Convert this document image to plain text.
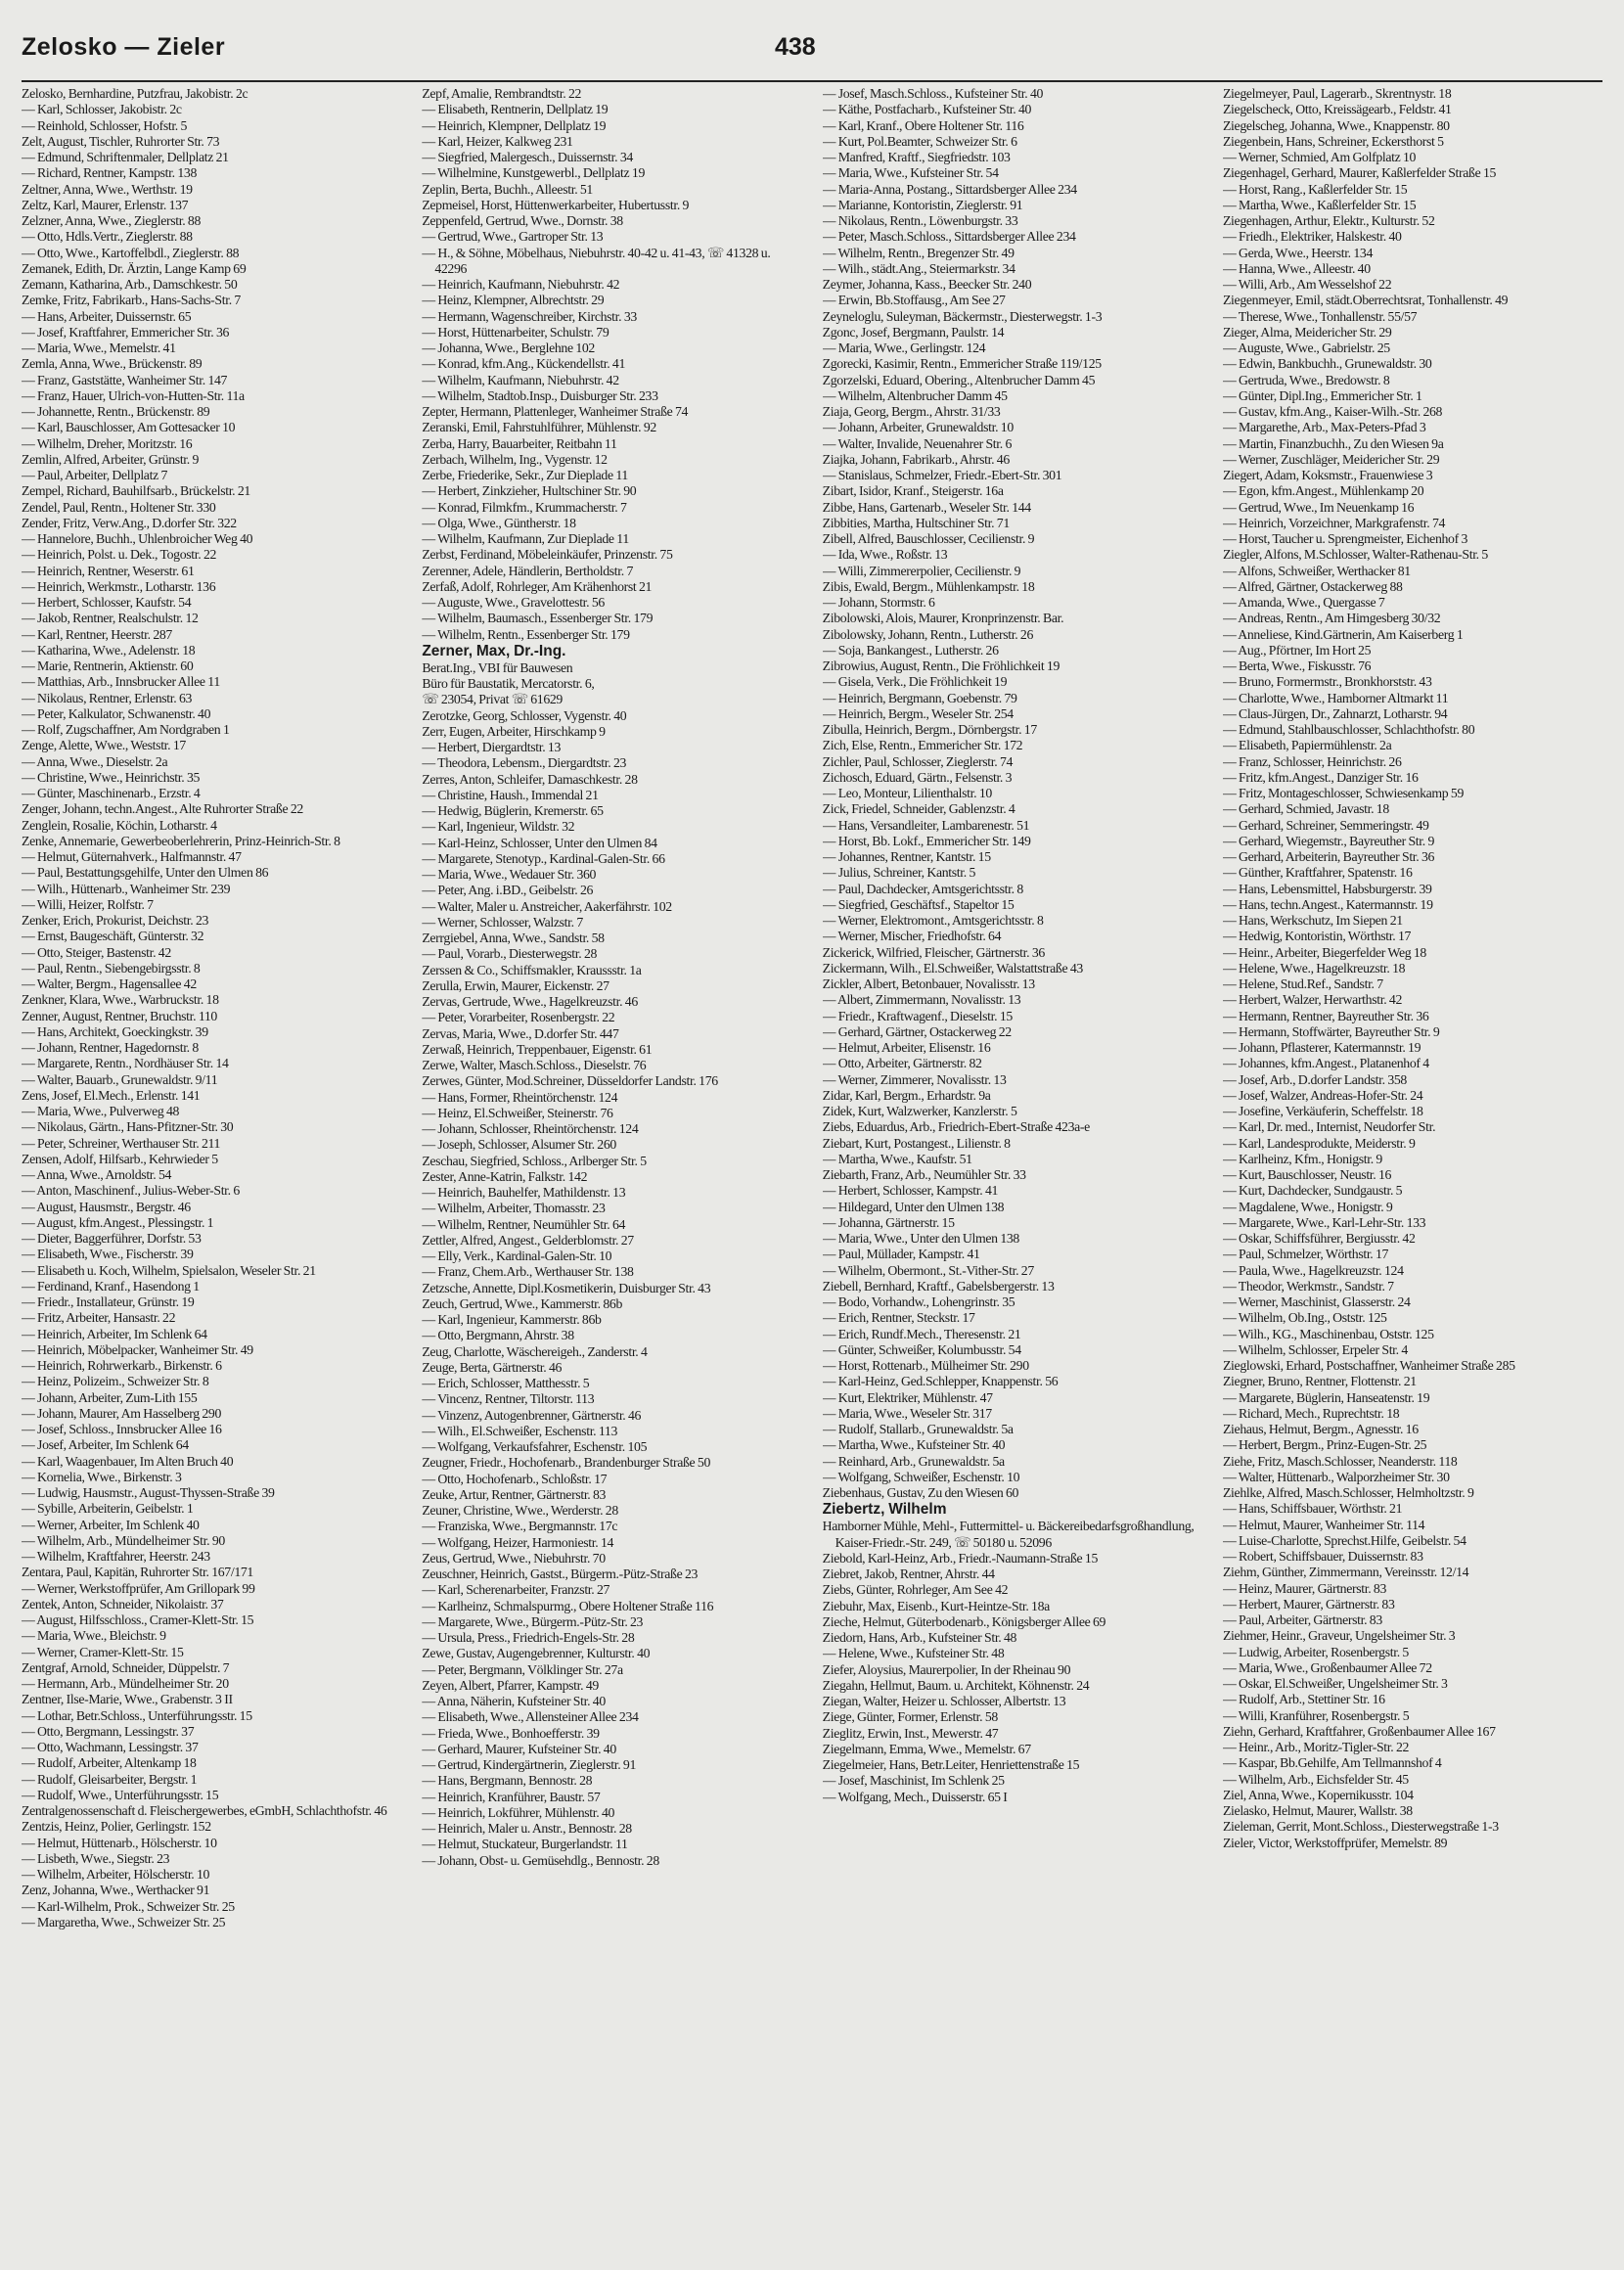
Zelosko — Zieler	438
Zelosko, Bernhardine, Putzfrau, Jakobistr. 2c
— Karl, Schlosser, Jakobistr. 2c
— Reinhold, Schlosser, Hofstr. 5
Zelt, August, Tischler, Ruhrorter Str. 73
— Edmund, Schriftenmaler, Dellplatz 21
— Richard, Rentner, Kampstr. 138
Zeltner, Anna, Wwe., Werthstr. 19
Zeltz, Karl, Maurer, Erlenstr. 137
Zelzner, Anna, Wwe., Zieglerstr. 88
— Otto, Hdls.Vertr., Zieglerstr. 88
— Otto, Wwe., Kartoffelbdl., Zieglerstr. 88
Zemanek, Edith, Dr. Ärztin, Lange Kamp 69
Zemann, Katharina, Arb., Damschkestr. 50
Zemke, Fritz, Fabrikarb., Hans-Sachs-Str. 7
— Hans, Arbeiter, Duissernstr. 65
— Josef, Kraftfahrer, Emmericher Str. 36
— Maria, Wwe., Memelstr. 41
Zemla, Anna, Wwe., Brückenstr. 89
— Franz, Gaststätte, Wanheimer Str. 147
— Franz, Hauer, Ulrich-von-Hutten-Str. 11a
— Johannette, Rentn., Brückenstr. 89
— Karl, Bauschlosser, Am Gottesacker 10
— Wilhelm, Dreher, Moritzstr. 16
Zemlin, Alfred, Arbeiter, Grünstr. 9
— Paul, Arbeiter, Dellplatz 7
Zempel, Richard, Bauhilfsarb., Brückelstr. 21
Zendel, Paul, Rentn., Holtener Str. 330
Zender, Fritz, Verw.Ang., D.dorfer Str. 322
— Hannelore, Buchh., Uhlenbroicher Weg 40
— Heinrich, Polst. u. Dek., Togostr. 22
— Heinrich, Rentner, Weserstr. 61
— Heinrich, Werkmstr., Lotharstr. 136
— Herbert, Schlosser, Kaufstr. 54
— Jakob, Rentner, Realschulstr. 12
— Karl, Rentner, Heerstr. 287
— Katharina, Wwe., Adelenstr. 18
— Marie, Rentnerin, Aktienstr. 60
— Matthias, Arb., Innsbrucker Allee 11
— Nikolaus, Rentner, Erlenstr. 63
— Peter, Kalkulator, Schwanenstr. 40
— Rolf, Zugschaffner, Am Nordgraben 1
Zenge, Alette, Wwe., Weststr. 17
— Anna, Wwe., Dieselstr. 2a
— Christine, Wwe., Heinrichstr. 35
— Günter, Maschinenarb., Erzstr. 4
Zenger, Johann, techn.Angest., Alte Ruhrorter Straße 22
Zenglein, Rosalie, Köchin, Lotharstr. 4
Zenke, Annemarie, Gewerbeoberlehrerin, Prinz-Heinrich-Str. 8
— Helmut, Güternahverk., Halfmannstr. 47
— Paul, Bestattungsgehilfe, Unter den Ulmen 86
— Wilh., Hüttenarb., Wanheimer Str. 239
— Willi, Heizer, Rolfstr. 7
Zenker, Erich, Prokurist, Deichstr. 23
— Ernst, Baugeschäft, Günterstr. 32
— Otto, Steiger, Bastenstr. 42
— Paul, Rentn., Siebengebirgsstr. 8
— Walter, Bergm., Hagensallee 42
Zenkner, Klara, Wwe., Warbruckstr. 18
Zenner, August, Rentner, Bruchstr. 110
— Hans, Architekt, Goeckingkstr. 39
— Johann, Rentner, Hagedornstr. 8
— Margarete, Rentn., Nordhäuser Str. 14
— Walter, Bauarb., Grunewaldstr. 9/11
Zens, Josef, El.Mech., Erlenstr. 141
— Maria, Wwe., Pulverweg 48
— Nikolaus, Gärtn., Hans-Pfitzner-Str. 30
— Peter, Schreiner, Werthauser Str. 211
Zensen, Adolf, Hilfsarb., Kehrwieder 5
— Anna, Wwe., Arnoldstr. 54
— Anton, Maschinenf., Julius-Weber-Str. 6
— August, Hausmstr., Bergstr. 46
— August, kfm.Angest., Plessingstr. 1
— Dieter, Baggerführer, Dorfstr. 53
— Elisabeth, Wwe., Fischerstr. 39
— Elisabeth u. Koch, Wilhelm, Spielsalon, Weseler Str. 21
— Ferdinand, Kranf., Hasendong 1
— Friedr., Installateur, Grünstr. 19
— Fritz, Arbeiter, Hansastr. 22
— Heinrich, Arbeiter, Im Schlenk 64
— Heinrich, Möbelpacker, Wanheimer Str. 49
— Heinrich, Rohrwerkarb., Birkenstr. 6
— Heinz, Polizeim., Schweizer Str. 8
— Johann, Arbeiter, Zum-Lith 155
— Johann, Maurer, Am Hasselberg 290
— Josef, Schloss., Innsbrucker Allee 16
— Josef, Arbeiter, Im Schlenk 64
— Karl, Waagenbauer, Im Alten Bruch 40
— Kornelia, Wwe., Birkenstr. 3
— Ludwig, Hausmstr., August-Thyssen-Straße 39
— Sybille, Arbeiterin, Geibelstr. 1
— Werner, Arbeiter, Im Schlenk 40
— Wilhelm, Arb., Mündelheimer Str. 90
— Wilhelm, Kraftfahrer, Heerstr. 243
Zentara, Paul, Kapitän, Ruhrorter Str. 167/171
— Werner, Werkstoffprüfer, Am Grillopark 99
Zentek, Anton, Schneider, Nikolaistr. 37
— August, Hilfsschloss., Cramer-Klett-Str. 15
— Maria, Wwe., Bleichstr. 9
— Werner, Cramer-Klett-Str. 15
Zentgraf, Arnold, Schneider, Düppelstr. 7
— Hermann, Arb., Mündelheimer Str. 20
Zentner, Ilse-Marie, Wwe., Grabenstr. 3 II
— Lothar, Betr.Schloss., Unterführungsstr. 15
— Otto, Bergmann, Lessingstr. 37
— Otto, Wachmann, Lessingstr. 37
— Rudolf, Arbeiter, Altenkamp 18
— Rudolf, Gleisarbeiter, Bergstr. 1
— Rudolf, Wwe., Unterführungsstr. 15
Zentralgenossenschaft d. Fleischergewerbes, eGmbH, Schlachthofstr. 46
Zentzis, Heinz, Polier, Gerlingstr. 152
— Helmut, Hüttenarb., Hölscherstr. 10
— Lisbeth, Wwe., Siegstr. 23
— Wilhelm, Arbeiter, Hölscherstr. 10
Zenz, Johanna, Wwe., Werthacker 91
— Karl-Wilhelm, Prok., Schweizer Str. 25
— Margaretha, Wwe., Schweizer Str. 25
Zepf, Amalie, Rembrandtstr. 22
— Elisabeth, Rentnerin, Dellplatz 19
— Heinrich, Klempner, Dellplatz 19
— Karl, Heizer, Kalkweg 231
— Siegfried, Malergesch., Duissernstr. 34
— Wilhelmine, Kunstgewerbl., Dellplatz 19
Zeplin, Berta, Buchh., Alleestr. 51
Zepmeisel, Horst, Hüttenwerkarbeiter, Hubertusstr. 9
Zeppenfeld, Gertrud, Wwe., Dornstr. 38
— Gertrud, Wwe., Gartroper Str. 13
— H., & Söhne, Möbelhaus, Niebuhrstr. 40-42 u. 41-43, ☏ 41328 u. 42296
— Heinrich, Kaufmann, Niebuhrstr. 42
— Heinz, Klempner, Albrechtstr. 29
— Hermann, Wagenschreiber, Kirchstr. 33
— Horst, Hüttenarbeiter, Schulstr. 79
— Johanna, Wwe., Berglehne 102
— Konrad, kfm.Ang., Kückendellstr. 41
— Wilhelm, Kaufmann, Niebuhrstr. 42
— Wilhelm, Stadtob.Insp., Duisburger Str. 233
Zepter, Hermann, Plattenleger, Wanheimer Straße 74
Zeranski, Emil, Fahrstuhlführer, Mühlenstr. 92
Zerba, Harry, Bauarbeiter, Reitbahn 11
Zerbach, Wilhelm, Ing., Vygenstr. 12
Zerbe, Friederike, Sekr., Zur Dieplade 11
— Herbert, Zinkzieher, Hultschiner Str. 90
— Konrad, Filmkfm., Krummacherstr. 7
— Olga, Wwe., Güntherstr. 18
— Wilhelm, Kaufmann, Zur Dieplade 11
Zerbst, Ferdinand, Möbeleinkäufer, Prinzenstr. 75
Zerenner, Adele, Händlerin, Bertholdstr. 7
Zerfaß, Adolf, Rohrleger, Am Krähenhorst 21
— Auguste, Wwe., Gravelottestr. 56
— Wilhelm, Baumasch., Essenberger Str. 179
— Wilhelm, Rentn., Essenberger Str. 179
Zerner, Max, Dr.-Ing.
Berat.Ing., VBI für Bauwesen
Büro für Baustatik, Mercatorstr. 6,
☏ 23054, Privat ☏ 61629
Zerotzke, Georg, Schlosser, Vygenstr. 40
Zerr, Eugen, Arbeiter, Hirschkamp 9
— Herbert, Diergardtstr. 13
— Theodora, Lebensm., Diergardtstr. 23
Zerres, Anton, Schleifer, Damaschkestr. 28
— Christine, Haush., Immendal 21
— Hedwig, Büglerin, Kremerstr. 65
— Karl, Ingenieur, Wildstr. 32
— Karl-Heinz, Schlosser, Unter den Ulmen 84
— Margarete, Stenotyp., Kardinal-Galen-Str. 66
— Maria, Wwe., Wedauer Str. 360
— Peter, Ang. i.BD., Geibelstr. 26
— Walter, Maler u. Anstreicher, Aakerfährstr. 102
— Werner, Schlosser, Walzstr. 7
Zerrgiebel, Anna, Wwe., Sandstr. 58
— Paul, Vorarb., Diesterwegstr. 28
Zerssen & Co., Schiffsmakler, Kraussstr. 1a
Zerulla, Erwin, Maurer, Eickenstr. 27
Zervas, Gertrude, Wwe., Hagelkreuzstr. 46
— Peter, Vorarbeiter, Rosenbergstr. 22
Zervas, Maria, Wwe., D.dorfer Str. 447
Zerwaß, Heinrich, Treppenbauer, Eigenstr. 61
Zerwe, Walter, Masch.Schloss., Dieselstr. 76
Zerwes, Günter, Mod.Schreiner, Düsseldorfer Landstr. 176
— Hans, Former, Rheintörchenstr. 124
— Heinz, El.Schweißer, Steinerstr. 76
— Johann, Schlosser, Rheintörchenstr. 124
— Joseph, Schlosser, Alsumer Str. 260
Zeschau, Siegfried, Schloss., Arlberger Str. 5
Zester, Anne-Katrin, Falkstr. 142
— Heinrich, Bauhelfer, Mathildenstr. 13
— Wilhelm, Arbeiter, Thomasstr. 23
— Wilhelm, Rentner, Neumühler Str. 64
Zettler, Alfred, Angest., Gelderblomstr. 27
— Elly, Verk., Kardinal-Galen-Str. 10
— Franz, Chem.Arb., Werthauser Str. 138
Zetzsche, Annette, Dipl.Kosmetikerin, Duisburger Str. 43
Zeuch, Gertrud, Wwe., Kammerstr. 86b
— Karl, Ingenieur, Kammerstr. 86b
— Otto, Bergmann, Ahrstr. 38
Zeug, Charlotte, Wäschereigeh., Zanderstr. 4
Zeuge, Berta, Gärtnerstr. 46
— Erich, Schlosser, Matthesstr. 5
— Vincenz, Rentner, Tiltorstr. 113
— Vinzenz, Autogenbrenner, Gärtnerstr. 46
— Wilh., El.Schweißer, Eschenstr. 113
— Wolfgang, Verkaufsfahrer, Eschenstr. 105
Zeugner, Friedr., Hochofenarb., Brandenburger Straße 50
— Otto, Hochofenarb., Schloßstr. 17
Zeuke, Artur, Rentner, Gärtnerstr. 83
Zeuner, Christine, Wwe., Werderstr. 28
— Franziska, Wwe., Bergmannstr. 17c
— Wolfgang, Heizer, Harmoniestr. 14
Zeus, Gertrud, Wwe., Niebuhrstr. 70
Zeuschner, Heinrich, Gastst., Bürgerm.-Pütz-Straße 23
— Karl, Scherenarbeiter, Franzstr. 27
— Karlheinz, Schmalspurmg., Obere Holtener Straße 116
— Margarete, Wwe., Bürgerm.-Pütz-Str. 23
— Ursula, Press., Friedrich-Engels-Str. 28
Zewe, Gustav, Augengebrenner, Kulturstr. 40
— Peter, Bergmann, Völklinger Str. 27a
Zeyen, Albert, Pfarrer, Kampstr. 49
— Anna, Näherin, Kufsteiner Str. 40
— Elisabeth, Wwe., Allensteiner Allee 234
— Frieda, Wwe., Bonhoefferstr. 39
— Gerhard, Maurer, Kufsteiner Str. 40
— Gertrud, Kindergärtnerin, Zieglerstr. 91
— Hans, Bergmann, Bennostr. 28
— Heinrich, Kranführer, Baustr. 57
— Heinrich, Lokführer, Mühlenstr. 40
— Heinrich, Maler u. Anstr., Bennostr. 28
— Helmut, Stuckateur, Burgerlandstr. 11
— Johann, Obst- u. Gemüsehdlg., Bennostr. 28
— Josef, Masch.Schloss., Kufsteiner Str. 40
— Käthe, Postfacharb., Kufsteiner Str. 40
— Karl, Kranf., Obere Holtener Str. 116
— Kurt, Pol.Beamter, Schweizer Str. 6
— Manfred, Kraftf., Siegfriedstr. 103
— Maria, Wwe., Kufsteiner Str. 54
— Maria-Anna, Postang., Sittardsberger Allee 234
— Marianne, Kontoristin, Zieglerstr. 91
— Nikolaus, Rentn., Löwenburgstr. 33
— Peter, Masch.Schloss., Sittardsberger Allee 234
— Wilhelm, Rentn., Bregenzer Str. 49
— Wilh., städt.Ang., Steiermarkstr. 34
Zeymer, Johanna, Kass., Beecker Str. 240
— Erwin, Bb.Stoffausg., Am See 27
Zeyneloglu, Suleyman, Bäckermstr., Diesterwegstr. 1-3
Zgonc, Josef, Bergmann, Paulstr. 14
— Maria, Wwe., Gerlingstr. 124
Zgorecki, Kasimir, Rentn., Emmericher Straße 119/125
Zgorzelski, Eduard, Obering., Altenbrucher Damm 45
— Wilhelm, Altenbrucher Damm 45
Ziaja, Georg, Bergm., Ahrstr. 31/33
— Johann, Arbeiter, Grunewaldstr. 10
— Walter, Invalide, Neuenahrer Str. 6
Ziajka, Johann, Fabrikarb., Ahrstr. 46
— Stanislaus, Schmelzer, Friedr.-Ebert-Str. 301
Zibart, Isidor, Kranf., Steigerstr. 16a
Zibbe, Hans, Gartenarb., Weseler Str. 144
Zibbities, Martha, Hultschiner Str. 71
Zibell, Alfred, Bauschlosser, Cecilienstr. 9
— Ida, Wwe., Roßstr. 13
— Willi, Zimmererpolier, Cecilienstr. 9
Zibis, Ewald, Bergm., Mühlenkampstr. 18
— Johann, Stormstr. 6
Zibolowski, Alois, Maurer, Kronprinzenstr. Bar.
Zibolowsky, Johann, Rentn., Lutherstr. 26
— Soja, Bankangest., Lutherstr. 26
Zibrowius, August, Rentn., Die Fröhlichkeit 19
— Gisela, Verk., Die Fröhlichkeit 19
— Heinrich, Bergmann, Goebenstr. 79
— Heinrich, Bergm., Weseler Str. 254
Zibulla, Heinrich, Bergm., Dörnbergstr. 17
Zich, Else, Rentn., Emmericher Str. 172
Zichler, Paul, Schlosser, Zieglerstr. 74
Zichosch, Eduard, Gärtn., Felsenstr. 3
— Leo, Monteur, Lilienthalstr. 10
Zick, Friedel, Schneider, Gablenzstr. 4
— Hans, Versandleiter, Lambarenestr. 51
— Horst, Bb. Lokf., Emmericher Str. 149
— Johannes, Rentner, Kantstr. 15
— Julius, Schreiner, Kantstr. 5
— Paul, Dachdecker, Amtsgerichtsstr. 8
— Siegfried, Geschäftsf., Stapeltor 15
— Werner, Elektromont., Amtsgerichtsstr. 8
— Werner, Mischer, Friedhofstr. 64
Zickerick, Wilfried, Fleischer, Gärtnerstr. 36
Zickermann, Wilh., El.Schweißer, Walstattstraße 43
Zickler, Albert, Betonbauer, Novalisstr. 13
— Albert, Zimmermann, Novalisstr. 13
— Friedr., Kraftwagenf., Dieselstr. 15
— Gerhard, Gärtner, Ostackerweg 22
— Helmut, Arbeiter, Elisenstr. 16
— Otto, Arbeiter, Gärtnerstr. 82
— Werner, Zimmerer, Novalisstr. 13
Zidar, Karl, Bergm., Erhardstr. 9a
Zidek, Kurt, Walzwerker, Kanzlerstr. 5
Ziebs, Eduardus, Arb., Friedrich-Ebert-Straße 423a-e
Ziebart, Kurt, Postangest., Lilienstr. 8
— Martha, Wwe., Kaufstr. 51
Ziebarth, Franz, Arb., Neumühler Str. 33
— Herbert, Schlosser, Kampstr. 41
— Hildegard, Unter den Ulmen 138
— Johanna, Gärtnerstr. 15
— Maria, Wwe., Unter den Ulmen 138
— Paul, Müllader, Kampstr. 41
— Wilhelm, Obermont., St.-Vither-Str. 27
Ziebell, Bernhard, Kraftf., Gabelsbergerstr. 13
— Bodo, Vorhandw., Lohengrinstr. 35
— Erich, Rentner, Steckstr. 17
— Erich, Rundf.Mech., Theresenstr. 21
— Günter, Schweißer, Kolumbusstr. 54
— Horst, Rottenarb., Mülheimer Str. 290
— Karl-Heinz, Ged.Schlepper, Knappenstr. 56
— Kurt, Elektriker, Mühlenstr. 47
— Maria, Wwe., Weseler Str. 317
— Rudolf, Stallarb., Grunewaldstr. 5a
— Martha, Wwe., Kufsteiner Str. 40
— Reinhard, Arb., Grunewaldstr. 5a
— Wolfgang, Schweißer, Eschenstr. 10
Ziebenhaus, Gustav, Zu den Wiesen 60
Ziebertz, Wilhelm
Hamborner Mühle, Mehl-, Futtermittel- u. Bäckereibedarfsgroßhandlung, Kaiser-Friedr.-Str. 249, ☏ 50180 u. 52096
Ziebold, Karl-Heinz, Arb., Friedr.-Naumann-Straße 15
Ziebret, Jakob, Rentner, Ahrstr. 44
Ziebs, Günter, Rohrleger, Am See 42
Ziebuhr, Max, Eisenb., Kurt-Heintze-Str. 18a
Zieche, Helmut, Güterbodenarb., Königsberger Allee 69
Ziedorn, Hans, Arb., Kufsteiner Str. 48
— Helene, Wwe., Kufsteiner Str. 48
Ziefer, Aloysius, Maurerpolier, In der Rheinau 90
Ziegahn, Hellmut, Baum. u. Architekt, Köhnenstr. 24
Ziegan, Walter, Heizer u. Schlosser, Albertstr. 13
Ziege, Günter, Former, Erlenstr. 58
Zieglitz, Erwin, Inst., Mewerstr. 47
Ziegelmann, Emma, Wwe., Memelstr. 67
Ziegelmeier, Hans, Betr.Leiter, Henriettenstraße 15
— Josef, Maschinist, Im Schlenk 25
— Wolfgang, Mech., Duisserstr. 65 I
Ziegelmeyer, Paul, Lagerarb., Skrentnystr. 18
Ziegelscheck, Otto, Kreissägearb., Feldstr. 41
Ziegelscheg, Johanna, Wwe., Knappenstr. 80
Ziegenbein, Hans, Schreiner, Eckersthorst 5
— Werner, Schmied, Am Golfplatz 10
Ziegenhagel, Gerhard, Maurer, Kaßlerfelder Straße 15
— Horst, Rang., Kaßlerfelder Str. 15
— Martha, Wwe., Kaßlerfelder Str. 15
Ziegenhagen, Arthur, Elektr., Kulturstr. 52
— Friedh., Elektriker, Halskestr. 40
— Gerda, Wwe., Heerstr. 134
— Hanna, Wwe., Alleestr. 40
— Willi, Arb., Am Wesselshof 22
Ziegenmeyer, Emil, städt.Oberrechtsrat, Tonhallenstr. 49
— Therese, Wwe., Tonhallenstr. 55/57
Zieger, Alma, Meidericher Str. 29
— Auguste, Wwe., Gabrielstr. 25
— Edwin, Bankbuchh., Grunewaldstr. 30
— Gertruda, Wwe., Bredowstr. 8
— Günter, Dipl.Ing., Emmericher Str. 1
— Gustav, kfm.Ang., Kaiser-Wilh.-Str. 268
— Margarethe, Arb., Max-Peters-Pfad 3
— Martin, Finanzbuchh., Zu den Wiesen 9a
— Werner, Zuschläger, Meidericher Str. 29
Ziegert, Adam, Koksmstr., Frauenwiese 3
— Egon, kfm.Angest., Mühlenkamp 20
— Gertrud, Wwe., Im Neuenkamp 16
— Heinrich, Vorzeichner, Markgrafenstr. 74
— Horst, Taucher u. Sprengmeister, Eichenhof 3
Ziegler, Alfons, M.Schlosser, Walter-Rathenau-Str. 5
— Alfons, Schweißer, Werthacker 81
— Alfred, Gärtner, Ostackerweg 88
— Amanda, Wwe., Quergasse 7
— Andreas, Rentn., Am Himgesberg 30/32
— Anneliese, Kind.Gärtnerin, Am Kaiserberg 1
— Aug., Pförtner, Im Hort 25
— Berta, Wwe., Fiskusstr. 76
— Bruno, Formermstr., Bronkhorststr. 43
— Charlotte, Wwe., Hamborner Altmarkt 11
— Claus-Jürgen, Dr., Zahnarzt, Lotharstr. 94
— Edmund, Stahlbauschlosser, Schlachthofstr. 80
— Elisabeth, Papiermühlenstr. 2a
— Franz, Schlosser, Heinrichstr. 26
— Fritz, kfm.Angest., Danziger Str. 16
— Fritz, Montageschlosser, Schwiesenkamp 59
— Gerhard, Schmied, Javastr. 18
— Gerhard, Schreiner, Semmeringstr. 49
— Gerhard, Wiegemstr., Bayreuther Str. 9
— Gerhard, Arbeiterin, Bayreuther Str. 36
— Günther, Kraftfahrer, Spatenstr. 16
— Hans, Lebensmittel, Habsburgerstr. 39
— Hans, techn.Angest., Katermannstr. 19
— Hans, Werkschutz, Im Siepen 21
— Hedwig, Kontoristin, Wörthstr. 17
— Heinr., Arbeiter, Biegerfelder Weg 18
— Helene, Wwe., Hagelkreuzstr. 18
— Helene, Stud.Ref., Sandstr. 7
— Herbert, Walzer, Herwarthstr. 42
— Hermann, Rentner, Bayreuther Str. 36
— Hermann, Stoffwärter, Bayreuther Str. 9
— Johann, Pflasterer, Katermannstr. 19
— Johannes, kfm.Angest., Platanenhof 4
— Josef, Arb., D.dorfer Landstr. 358
— Josef, Walzer, Andreas-Hofer-Str. 24
— Josefine, Verkäuferin, Scheffelstr. 18
— Karl, Dr. med., Internist, Neudorfer Str.
— Karl, Landesprodukte, Meiderstr. 9
— Karlheinz, Kfm., Honigstr. 9
— Kurt, Bauschlosser, Neustr. 16
— Kurt, Dachdecker, Sundgaustr. 5
— Magdalene, Wwe., Honigstr. 9
— Margarete, Wwe., Karl-Lehr-Str. 133
— Oskar, Schiffsführer, Bergiusstr. 42
— Paul, Schmelzer, Wörthstr. 17
— Paula, Wwe., Hagelkreuzstr. 124
— Theodor, Werkmstr., Sandstr. 7
— Werner, Maschinist, Glasserstr. 24
— Wilhelm, Ob.Ing., Oststr. 125
— Wilh., KG., Maschinenbau, Oststr. 125
— Wilhelm, Schlosser, Erpeler Str. 4
Zieglowski, Erhard, Postschaffner, Wanheimer Straße 285
Ziegner, Bruno, Rentner, Flottenstr. 21
— Margarete, Büglerin, Hanseatenstr. 19
— Richard, Mech., Ruprechtstr. 18
Ziehaus, Helmut, Bergm., Agnesstr. 16
— Herbert, Bergm., Prinz-Eugen-Str. 25
Ziehe, Fritz, Masch.Schlosser, Neanderstr. 118
— Walter, Hüttenarb., Walporzheimer Str. 30
Ziehlke, Alfred, Masch.Schlosser, Helmholtzstr. 9
— Hans, Schiffsbauer, Wörthstr. 21
— Helmut, Maurer, Wanheimer Str. 114
— Luise-Charlotte, Sprechst.Hilfe, Geibelstr. 54
— Robert, Schiffsbauer, Duissernstr. 83
Ziehm, Günther, Zimmermann, Vereinsstr. 12/14
— Heinz, Maurer, Gärtnerstr. 83
— Herbert, Maurer, Gärtnerstr. 83
— Paul, Arbeiter, Gärtnerstr. 83
Ziehmer, Heinr., Graveur, Ungelsheimer Str. 3
— Ludwig, Arbeiter, Rosenbergstr. 5
— Maria, Wwe., Großenbaumer Allee 72
— Oskar, El.Schweißer, Ungelsheimer Str. 3
— Rudolf, Arb., Stettiner Str. 16
— Willi, Kranführer, Rosenbergstr. 5
Ziehn, Gerhard, Kraftfahrer, Großenbaumer Allee 167
— Heinr., Arb., Moritz-Tigler-Str. 22
— Kaspar, Bb.Gehilfe, Am Tellmannshof 4
— Wilhelm, Arb., Eichsfelder Str. 45
Ziel, Anna, Wwe., Kopernikusstr. 104
Zielasko, Helmut, Maurer, Wallstr. 38
Zieleman, Gerrit, Mont.Schloss., Diesterwegstraße 1-3
Zieler, Victor, Werkstoffprüfer, Memelstr. 89
